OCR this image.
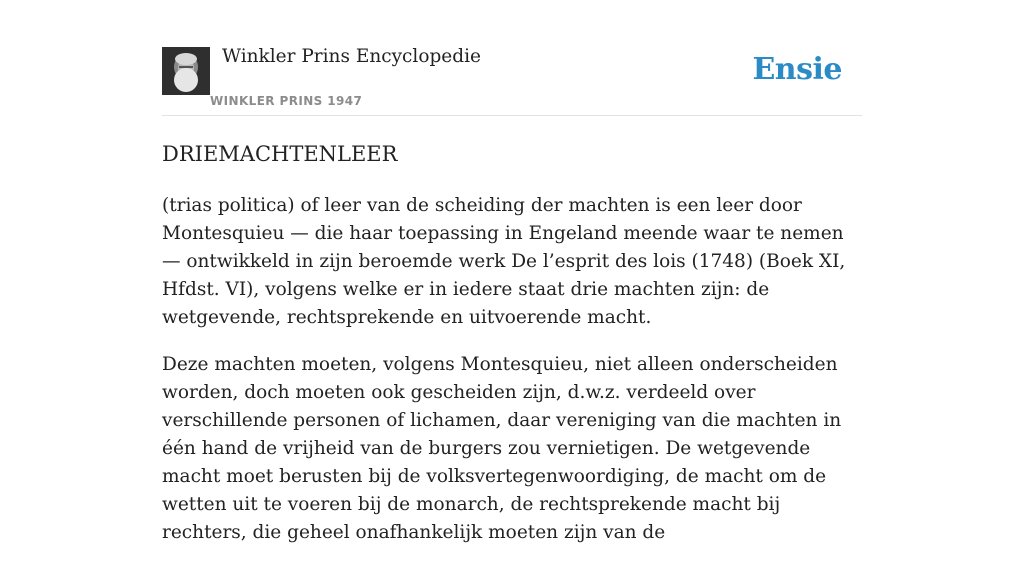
Winkler Prins Encyclopedie
WINKLER PRINS 1947
Ensie
DRIEMACHTENLEER

(trias politica) of leer van de scheiding der machten is een leer door Montesquieu — die haar toepassing in Engeland meende waar te nemen — ontwikkeld in zijn beroemde werk De l’esprit des lois (1748) (Boek XI, Hfdst. VI), volgens welke er in iedere staat drie machten zijn: de wetgevende, rechtsprekende en uitvoerende macht.

Deze machten moeten, volgens Montesquieu, niet alleen onderscheiden worden, doch moeten ook gescheiden zijn, d.w.z. verdeeld over verschillende personen of lichamen, daar vereniging van die machten in één hand de vrijheid van de burgers zou vernietigen. De wetgevende macht moet berusten bij de volksvertegenwoordiging, de macht om de wetten uit te voeren bij de monarch, de rechtsprekende macht bij rechters, die geheel onafhankelijk moeten zijn van de
